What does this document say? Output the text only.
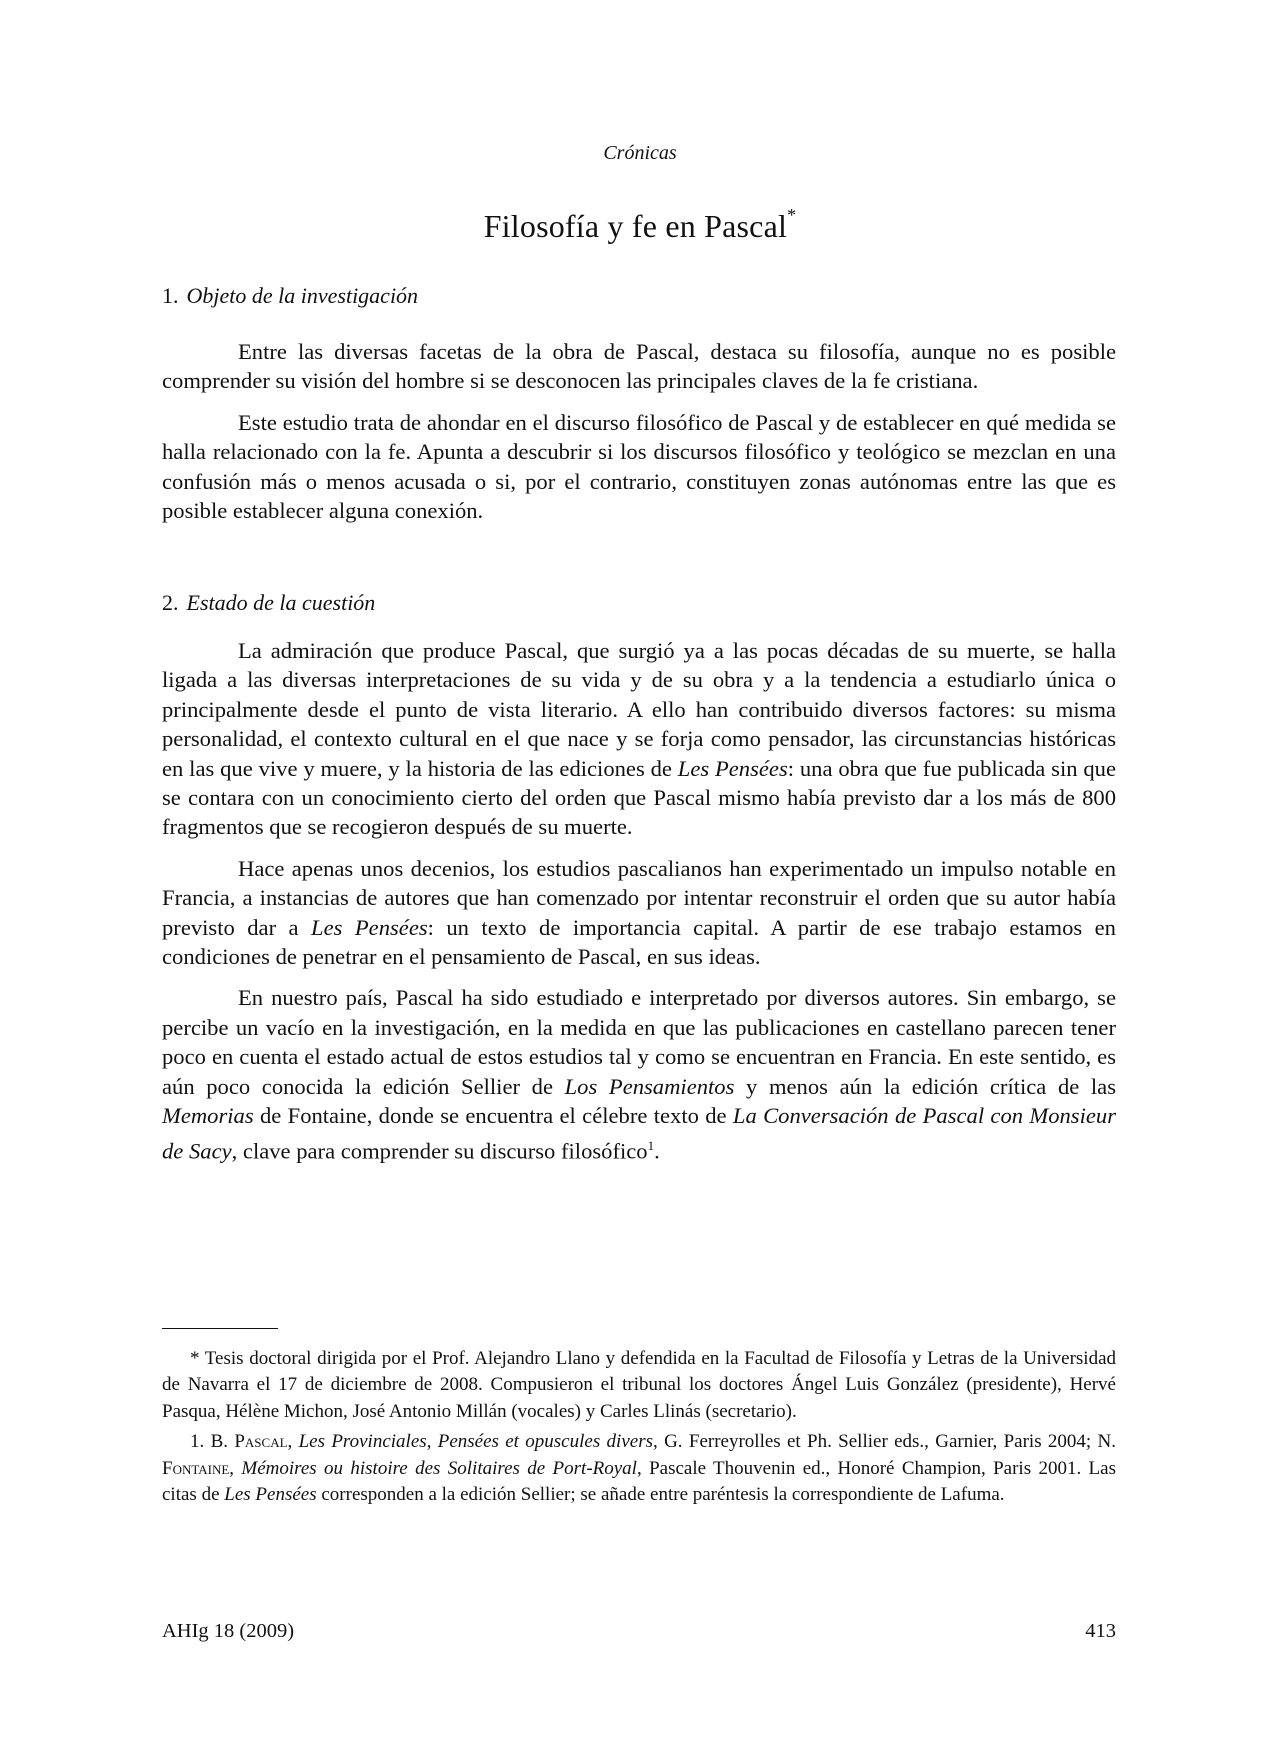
Crónicas
Filosofía y fe en Pascal*
1. Objeto de la investigación

Entre las diversas facetas de la obra de Pascal, destaca su filosofía, aunque no es posible comprender su visión del hombre si se desconocen las principales claves de la fe cristiana.

Este estudio trata de ahondar en el discurso filosófico de Pascal y de establecer en qué medida se halla relacionado con la fe. Apunta a descubrir si los discursos filosófico y teológico se mezclan en una confusión más o menos acusada o si, por el contrario, constituyen zonas autónomas entre las que es posible establecer alguna conexión.

2. Estado de la cuestión

La admiración que produce Pascal, que surgió ya a las pocas décadas de su muerte, se halla ligada a las diversas interpretaciones de su vida y de su obra y a la tendencia a estudiarlo única o principalmente desde el punto de vista literario. A ello han contribuido diversos factores: su misma personalidad, el contexto cultural en el que nace y se forja como pensador, las circunstancias históricas en las que vive y muere, y la historia de las ediciones de Les Pensées: una obra que fue publicada sin que se contara con un conocimiento cierto del orden que Pascal mismo había previsto dar a los más de 800 fragmentos que se recogieron después de su muerte.

Hace apenas unos decenios, los estudios pascalianos han experimentado un impulso notable en Francia, a instancias de autores que han comenzado por intentar reconstruir el orden que su autor había previsto dar a Les Pensées: un texto de importancia capital. A partir de ese trabajo estamos en condiciones de penetrar en el pensamiento de Pascal, en sus ideas.

En nuestro país, Pascal ha sido estudiado e interpretado por diversos autores. Sin embargo, se percibe un vacío en la investigación, en la medida en que las publicaciones en castellano parecen tener poco en cuenta el estado actual de estos estudios tal y como se encuentran en Francia. En este sentido, es aún poco conocida la edición Sellier de Los Pensamientos y menos aún la edición crítica de las Memorias de Fontaine, donde se encuentra el célebre texto de La Conversación de Pascal con Monsieur de Sacy, clave para comprender su discurso filosófico$^1$.

* Tesis doctoral dirigida por el Prof. Alejandro Llano y defendida en la Facultad de Filosofía y Letras de la Universidad de Navarra el 17 de diciembre de 2008. Compusieron el tribunal los doctores Ángel Luis González (presidente), Hervé Pasqua, Hélène Michon, José Antonio Millán (vocales) y Carles Llinás (secretario).

1. B. Pascal, Les Provinciales, Pensées et opuscules divers, G. Ferreyrolles et Ph. Sellier eds., Garnier, Paris 2004; N. Fontaine, Mémoires ou histoire des Solitaires de Port-Royal, Pascale Thouvenin ed., Honoré Champion, Paris 2001. Las citas de Les Pensées corresponden a la edición Sellier; se añade entre paréntesis la correspondiente de Lafuma.

AHIg 18 (2009)	413
